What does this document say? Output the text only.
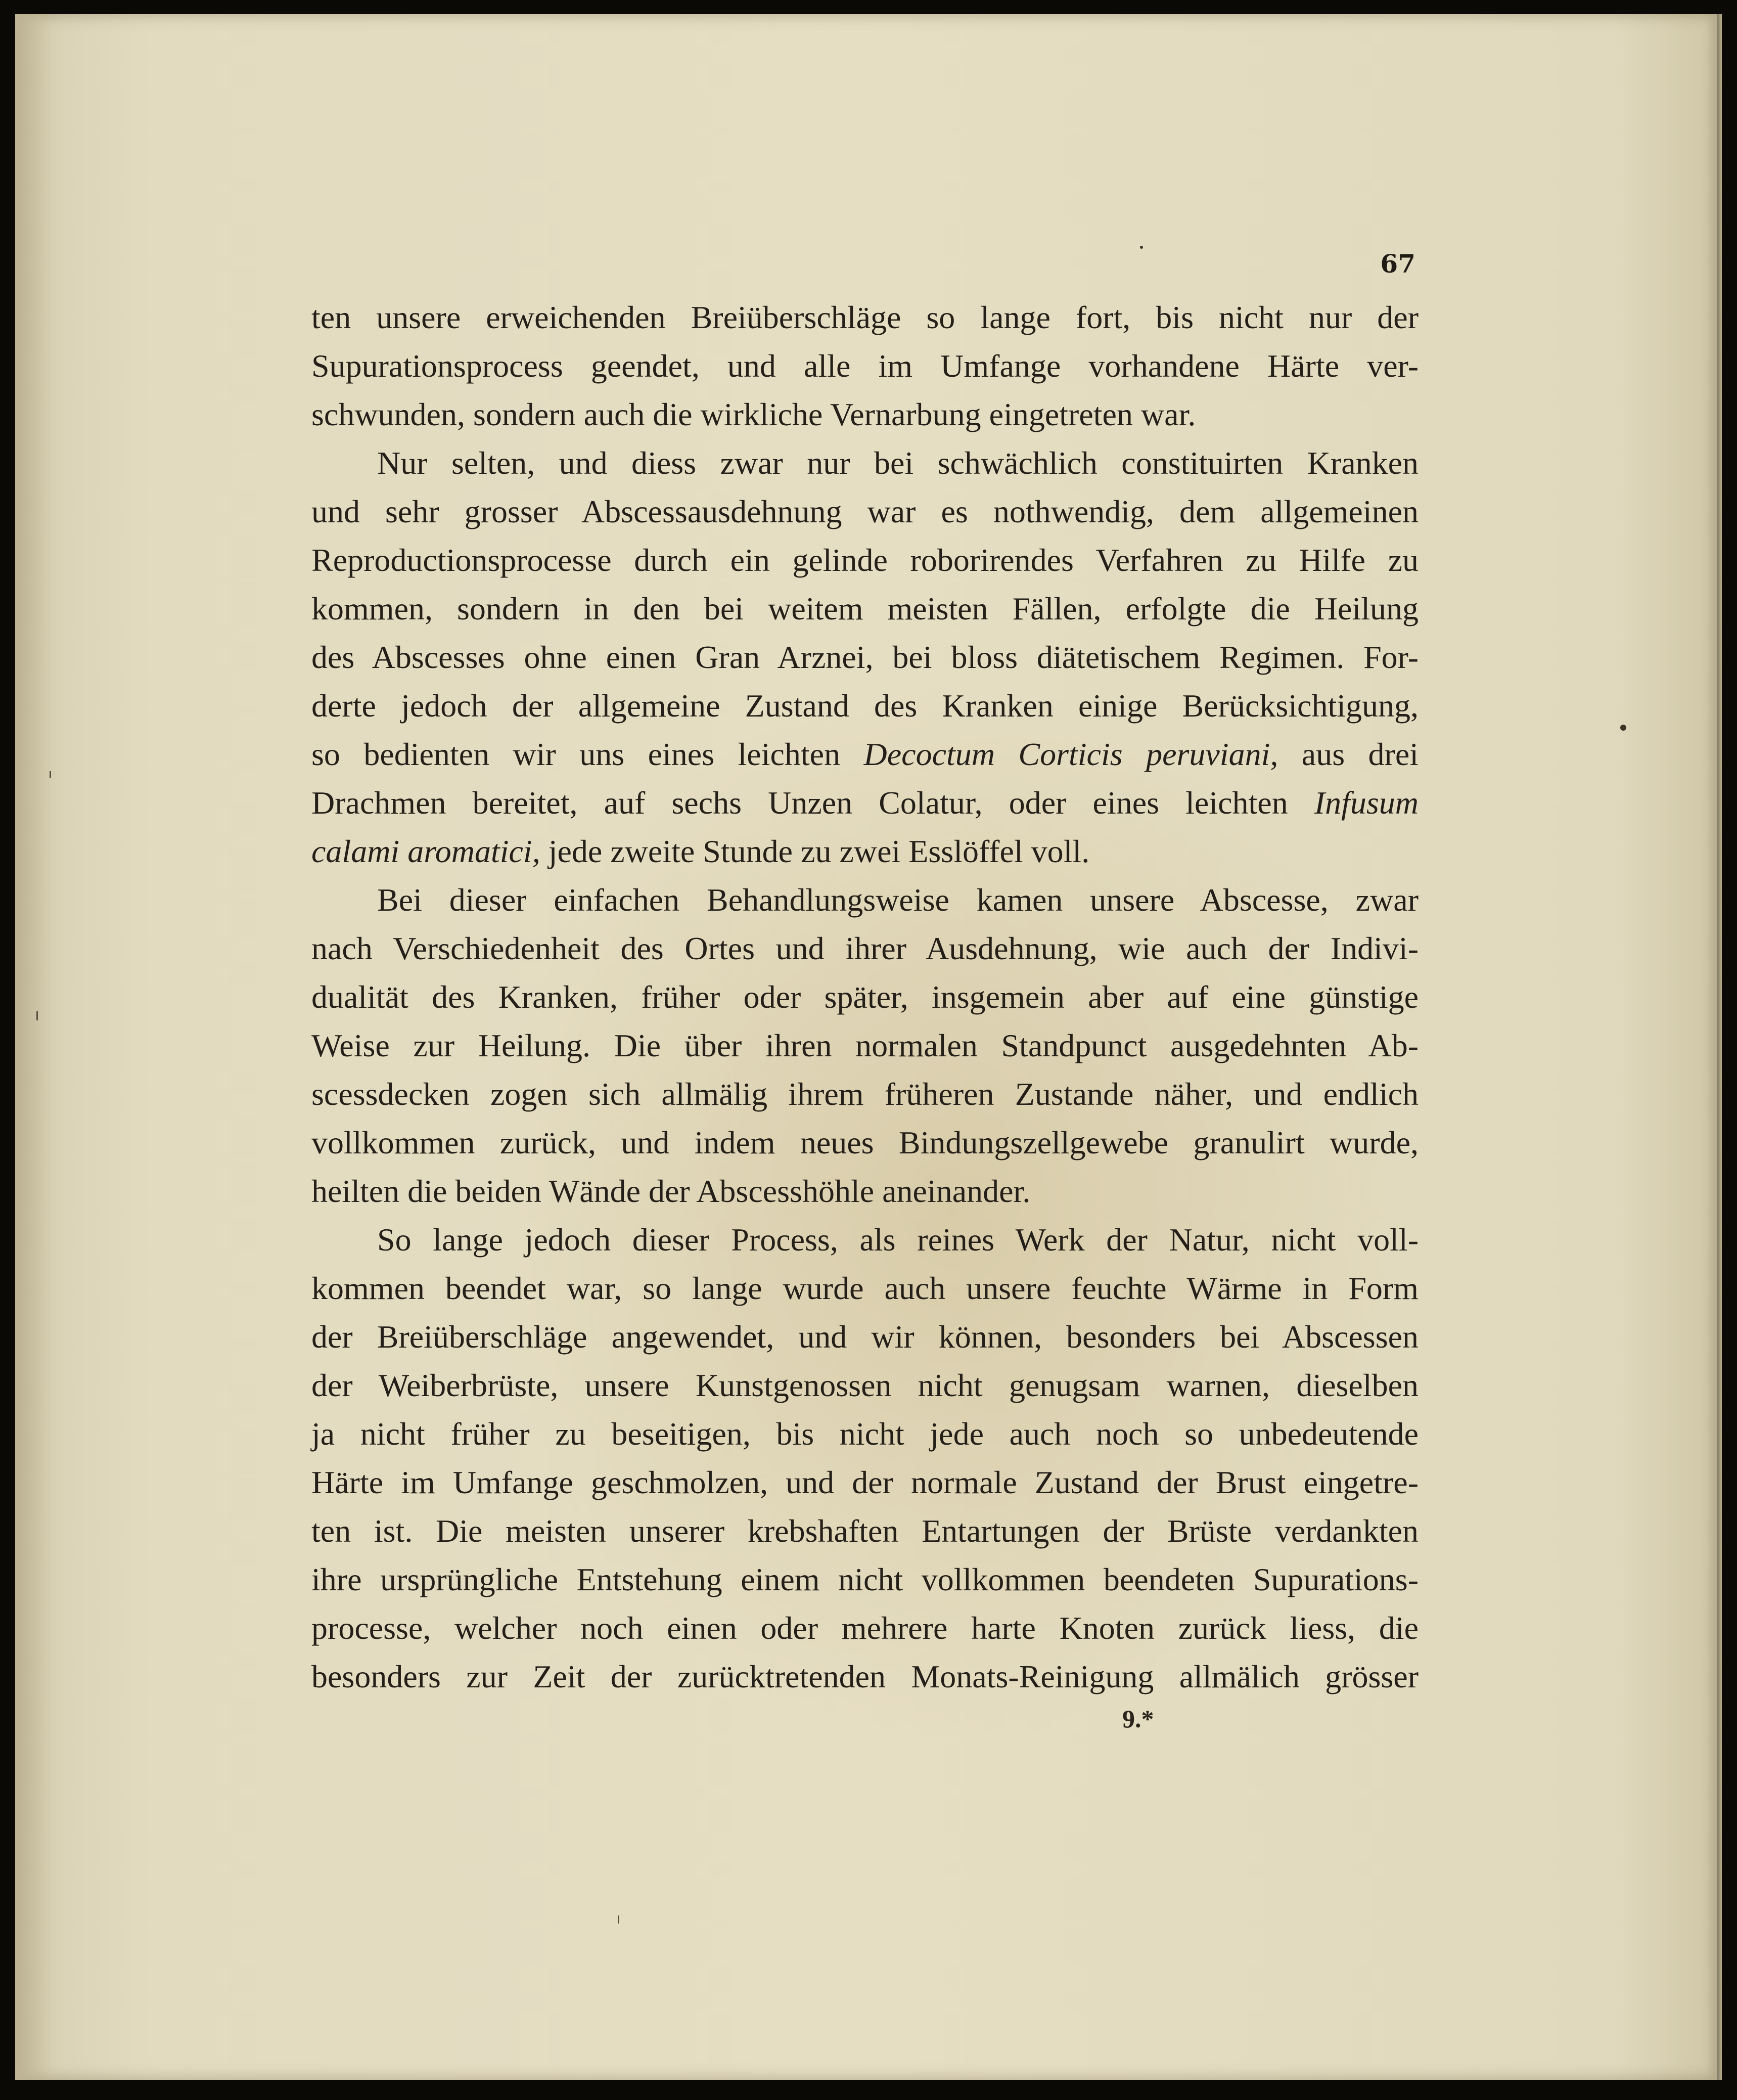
67
ten unsere erweichenden Breiüberschläge so lange fort, bis nicht nur der
Supurationsprocess geendet, und alle im Umfange vorhandene Härte ver-
schwunden, sondern auch die wirkliche Vernarbung eingetreten war.
Nur selten, und diess zwar nur bei schwächlich constituirten Kranken
und sehr grosser Abscessausdehnung war es nothwendig, dem allgemeinen
Reproductionsprocesse durch ein gelinde roborirendes Verfahren zu Hilfe zu
kommen, sondern in den bei weitem meisten Fällen, erfolgte die Heilung
des Abscesses ohne einen Gran Arznei, bei bloss diätetischem Regimen. For-
derte jedoch der allgemeine Zustand des Kranken einige Berücksichtigung,
so bedienten wir uns eines leichten Decoctum Corticis peruviani, aus drei
Drachmen bereitet, auf sechs Unzen Colatur, oder eines leichten Infusum
calami aromatici, jede zweite Stunde zu zwei Esslöffel voll.
Bei dieser einfachen Behandlungsweise kamen unsere Abscesse, zwar
nach Verschiedenheit des Ortes und ihrer Ausdehnung, wie auch der Indivi-
dualität des Kranken, früher oder später, insgemein aber auf eine günstige
Weise zur Heilung. Die über ihren normalen Standpunct ausgedehnten Ab-
scessdecken zogen sich allmälig ihrem früheren Zustande näher, und endlich
vollkommen zurück, und indem neues Bindungszellgewebe granulirt wurde,
heilten die beiden Wände der Abscesshöhle aneinander.
So lange jedoch dieser Process, als reines Werk der Natur, nicht voll-
kommen beendet war, so lange wurde auch unsere feuchte Wärme in Form
der Breiüberschläge angewendet, und wir können, besonders bei Abscessen
der Weiberbrüste, unsere Kunstgenossen nicht genugsam warnen, dieselben
ja nicht früher zu beseitigen, bis nicht jede auch noch so unbedeutende
Härte im Umfange geschmolzen, und der normale Zustand der Brust eingetre-
ten ist. Die meisten unserer krebshaften Entartungen der Brüste verdankten
ihre ursprüngliche Entstehung einem nicht vollkommen beendeten Supurations-
processe, welcher noch einen oder mehrere harte Knoten zurück liess, die
besonders zur Zeit der zurücktretenden Monats-Reinigung allmälich grösser
9.*
